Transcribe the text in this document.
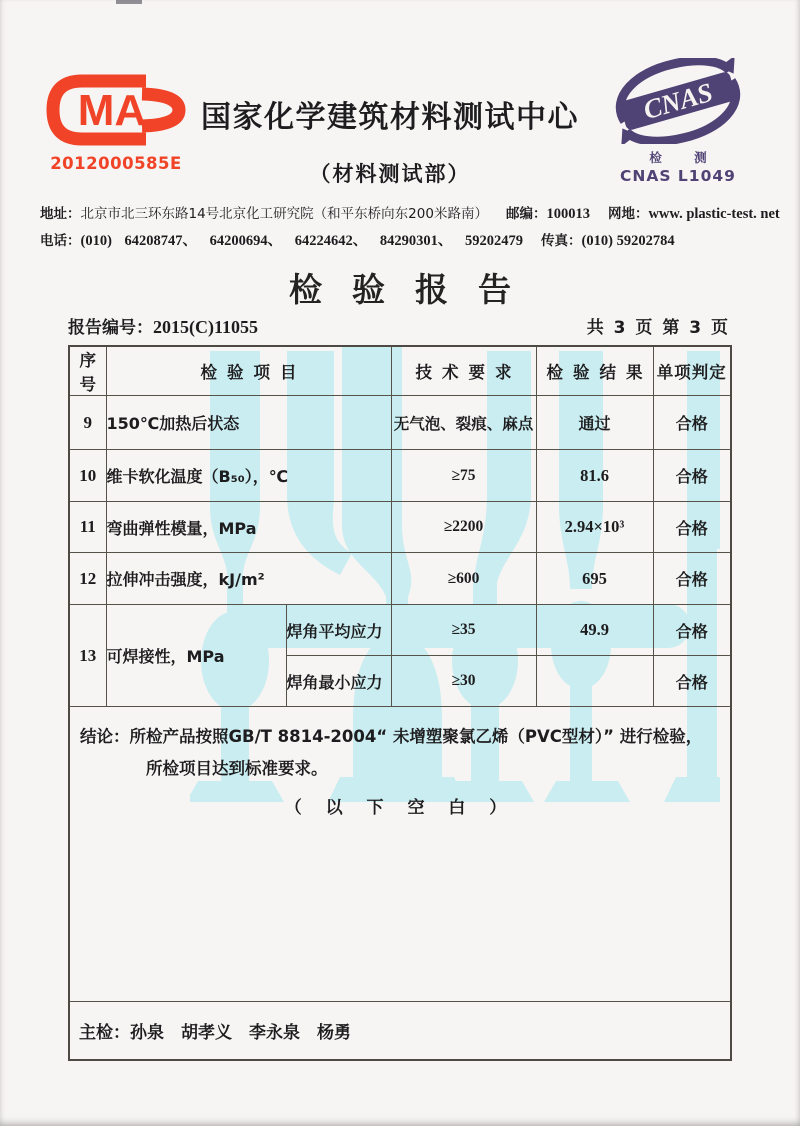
MA
2012000585E
国家化学建筑材料测试中心
（材料测试部）
CNAS
检 测
CNAS L1049
地址：北京市北三环东路14号北京化工研究院（和平东桥向东200米路南） 邮编：100013 网地：www. plastic-test. net
电话：(010) 64208747、 64200694、 64224642、 84290301、 59202479 传真：(010) 59202784
检验报告
报告编号：2015(C)11055	共 3 页 第 3 页
序号	检验项目		技术要求	检验结果	单项判定
9	150℃加热后状态		无气泡、裂痕、麻点	通过	合格
10	维卡软化温度（B₅₀），℃		≥75	81.6	合格
11	弯曲弹性模量，MPa		≥2200	2.94×10³	合格
12	拉伸冲击强度，kJ/m²		≥600	695	合格
13	可焊接性，MPa	焊角平均应力	≥35	49.9	合格
		焊角最小应力	≥30		合格

结论：所检产品按照GB/T 8814-2004“ 未增塑聚氯乙烯（PVC型材）” 进行检验，
所检项目达到标准要求。
（ 以 下 空 白 ）					

主检：孙泉　胡孝义　李永泉　杨勇					
